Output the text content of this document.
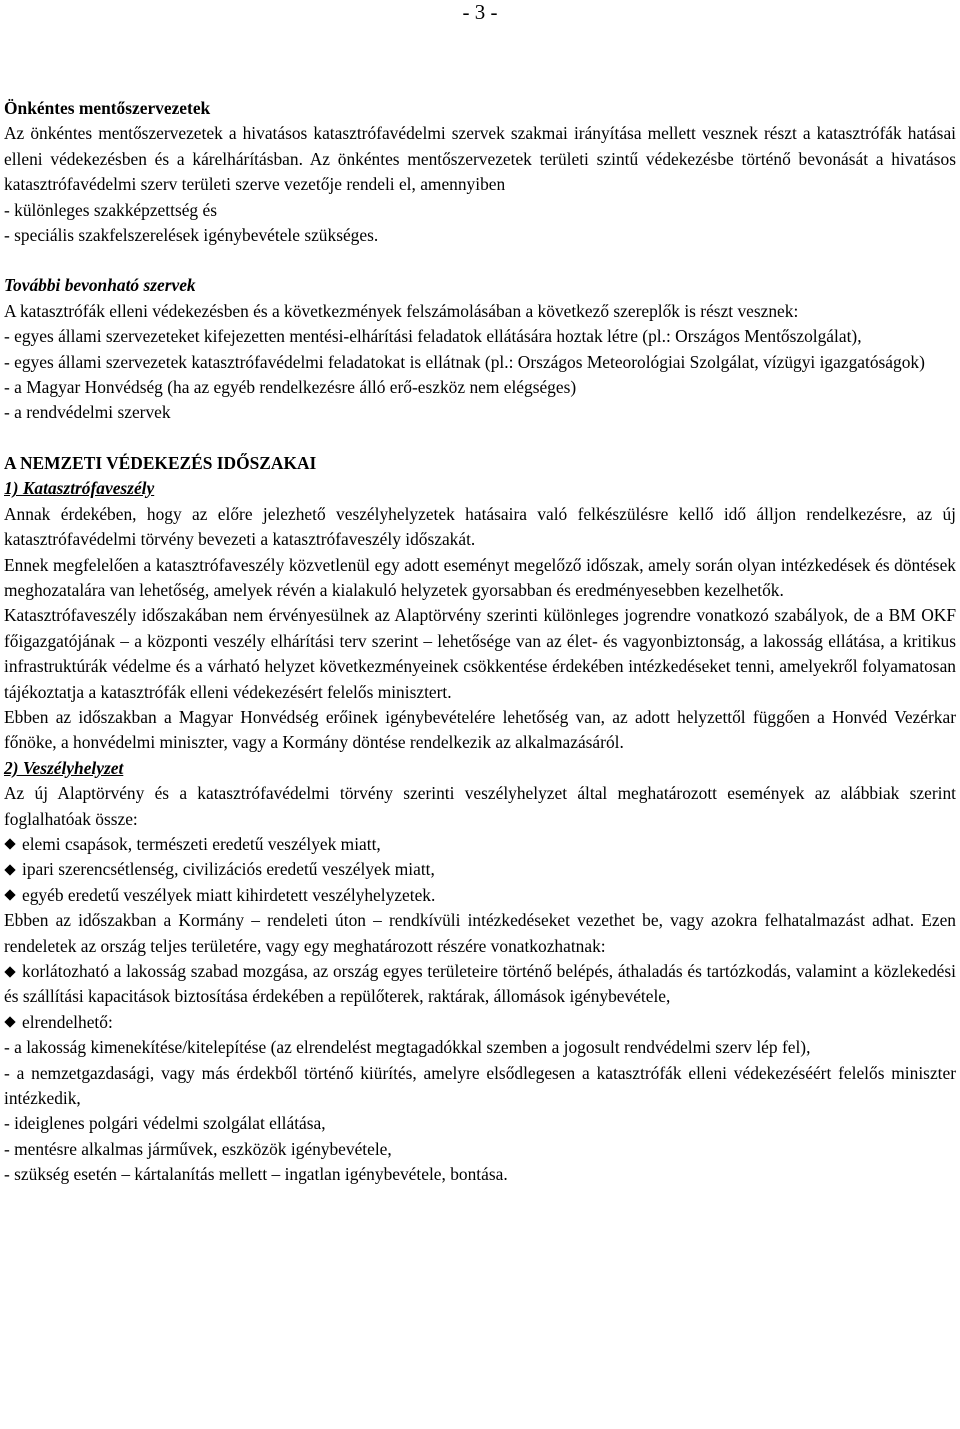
- 3 -

Önkéntes mentőszervezetek

Az önkéntes mentőszervezetek a hivatásos katasztrófavédelmi szervek szakmai irányítása mellett vesznek részt a katasztrófák hatásai elleni védekezésben és a kárelhárításban. Az önkéntes mentőszervezetek területi szintű védekezésbe történő bevonását a hivatásos katasztrófavédelmi szerv területi szerve vezetője rendeli el, amennyiben

- különleges szakképzettség és

- speciális szakfelszerelések igénybevétele szükséges.

További bevonható szervek

A katasztrófák elleni védekezésben és a következmények felszámolásában a következő szereplők is részt vesznek:

- egyes állami szervezeteket kifejezetten mentési-elhárítási feladatok ellátására hoztak létre (pl.: Országos Mentőszolgálat),

- egyes állami szervezetek katasztrófavédelmi feladatokat is ellátnak (pl.: Országos Meteorológiai Szolgálat, vízügyi igazgatóságok)

- a Magyar Honvédség (ha az egyéb rendelkezésre álló erő-eszköz nem elégséges)

- a rendvédelmi szervek

A NEMZETI VÉDEKEZÉS IDŐSZAKAI

1) Katasztrófaveszély

Annak érdekében, hogy az előre jelezhető veszélyhelyzetek hatásaira való felkészülésre kellő idő álljon rendelkezésre, az új katasztrófavédelmi törvény bevezeti a katasztrófaveszély időszakát.

Ennek megfelelően a katasztrófaveszély közvetlenül egy adott eseményt megelőző időszak, amely során olyan intézkedések és döntések meghozatalára van lehetőség, amelyek révén a kialakuló helyzetek gyorsabban és eredményesebben kezelhetők.

Katasztrófaveszély időszakában nem érvényesülnek az Alaptörvény szerinti különleges jogrendre vonatkozó szabályok, de a BM OKF főigazgatójának – a központi veszély elhárítási terv szerint – lehetősége van az élet- és vagyonbiztonság, a lakosság ellátása, a kritikus infrastruktúrák védelme és a várható helyzet következményeinek csökkentése érdekében intézkedéseket tenni, amelyekről folyamatosan tájékoztatja a katasztrófák elleni védekezésért felelős minisztert.

Ebben az időszakban a Magyar Honvédség erőinek igénybevételére lehetőség van, az adott helyzettől függően a Honvéd Vezérkar főnöke, a honvédelmi miniszter, vagy a Kormány döntése rendelkezik az alkalmazásáról.

2) Veszélyhelyzet

Az új Alaptörvény és a katasztrófavédelmi törvény szerinti veszélyhelyzet által meghatározott események az alábbiak szerint foglalhatóak össze:

elemi csapások, természeti eredetű veszélyek miatt,

ipari szerencsétlenség, civilizációs eredetű veszélyek miatt,

egyéb eredetű veszélyek miatt kihirdetett veszélyhelyzetek.

Ebben az időszakban a Kormány – rendeleti úton – rendkívüli intézkedéseket vezethet be, vagy azokra felhatalmazást adhat. Ezen rendeletek az ország teljes területére, vagy egy meghatározott részére vonatkozhatnak:

korlátozható a lakosság szabad mozgása, az ország egyes területeire történő belépés, áthaladás és tartózkodás, valamint a közlekedési és szállítási kapacitások biztosítása érdekében a repülőterek, raktárak, állomások igénybevétele,

elrendelhető:

- a lakosság kimenekítése/kitelepítése (az elrendelést megtagadókkal szemben a jogosult rendvédelmi szerv lép fel),

- a nemzetgazdasági, vagy más érdekből történő kiürítés, amelyre elsődlegesen a katasztrófák elleni védekezéséért felelős miniszter intézkedik,

- ideiglenes polgári védelmi szolgálat ellátása,

- mentésre alkalmas járművek, eszközök igénybevétele,

- szükség esetén – kártalanítás mellett – ingatlan igénybevétele, bontása.
